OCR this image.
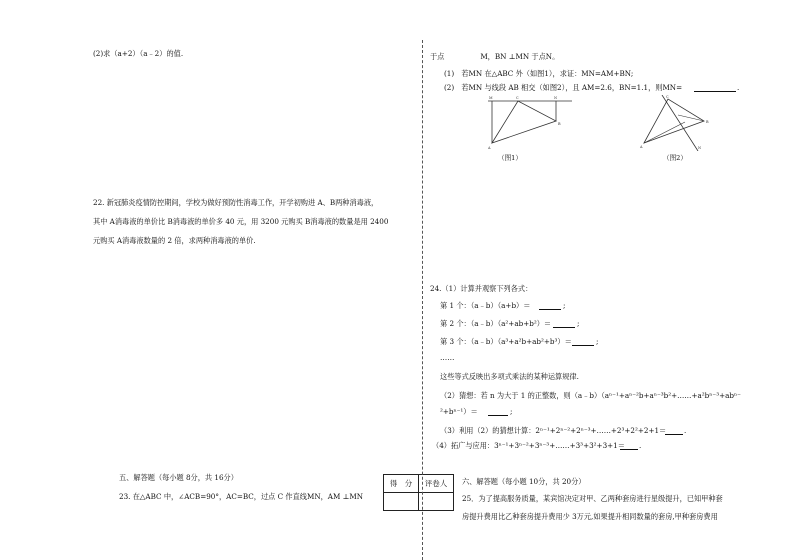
(2)求（a+2）（a﹣2）的值.
22. 新冠肺炎疫情防控期间，学校为做好预防性消毒工作，开学初购进 A、B两种消毒液，
其中 A消毒液的单价比 B消毒液的单价多 40 元，用 3200 元购买 B消毒液的数量是用 2400
元购买 A消毒液数量的 2 倍，求两种消毒液的单价.
五、解答题（每小题 8分，共 16分）
23. 在△ABC 中，∠ACB=90°，AC=BC，过点 C 作直线MN，AM ⊥MN
得　分	评卷人

于点　　　　　M，BN ⊥MN 于点N。
(1)　若MN 在△ABC 外（如图1），求证：MN=AM+BN;
(2)　若MN 与线段 AB 相交（如图2），且 AM=2.6，BN=1.1，则MN=	.
M	C	N
A
B
（图1）
C
A
B
N
（图2）
24.（1）计算并观察下列各式：
第 1 个：（a﹣b）（a+b）＝	;
第 2 个：（a﹣b）（a²+ab+b²）＝	;
第 3 个：（a﹣b）（a³+a²b+ab²+b³）＝	;
……
这些等式反映出多项式乘法的某种运算规律.
（2）猜想：若 n 为大于 1 的正整数，则（a﹣b）（aⁿ⁻¹+aⁿ⁻²b+aⁿ⁻³b²+……+a²bⁿ⁻³+abⁿ⁻
²+bⁿ⁻¹）＝	;
（3）利用（2）的猜想计算：2ⁿ⁻¹+2ⁿ⁻²+2ⁿ⁻³+……+2³+2²+2+1＝ .
（4）拓广与应用：3ⁿ⁻¹+3ⁿ⁻²+3ⁿ⁻³+……+3³+3²+3+1＝ .
六、解答题（每小题 10分，共 20分）
25．为了提高服务质量，某宾馆决定对甲、乙两种套房进行星级提升，已知甲种套
房提升费用比乙种套房提升费用少 3万元,如果提升相同数量的套房,甲种套房费用
